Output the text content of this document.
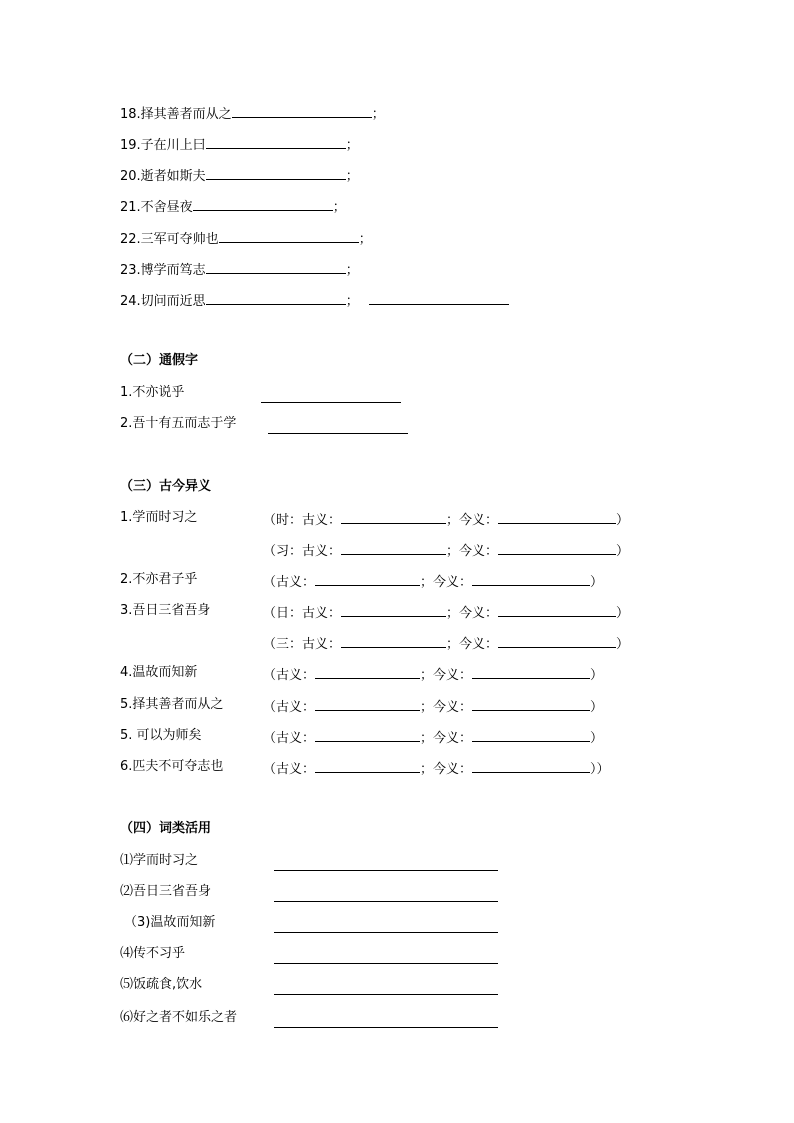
18.择其善者而从之	；
19.子在川上曰	；
20.逝者如斯夫	；
21.不舍昼夜	；
22.三军可夺帅也	；
23.博学而笃志	；
24.切问而近思	；
（二）通假字
1.不亦说乎
2.吾十有五而志于学
（三）古今异义
1.学而时习之	（时：古义：	；今义：	）
（习：古义：	；今义：	）
2.不亦君子乎	（古义：	；今义：	）
3.吾日三省吾身	（日：古义：	；今义：	）
（三：古义：	；今义：	）
4.温故而知新	（古义：	；今义：	）
5.择其善者而从之	（古义：	；今义：	）
5. 可以为师矣	（古义：	；今义：	）
6.匹夫不可夺志也	（古义：	；今义：	））
（四）词类活用
⑴学而时习之
⑵吾日三省吾身
（3)温故而知新
⑷传不习乎
⑸饭疏食,饮水
⑹好之者不如乐之者
